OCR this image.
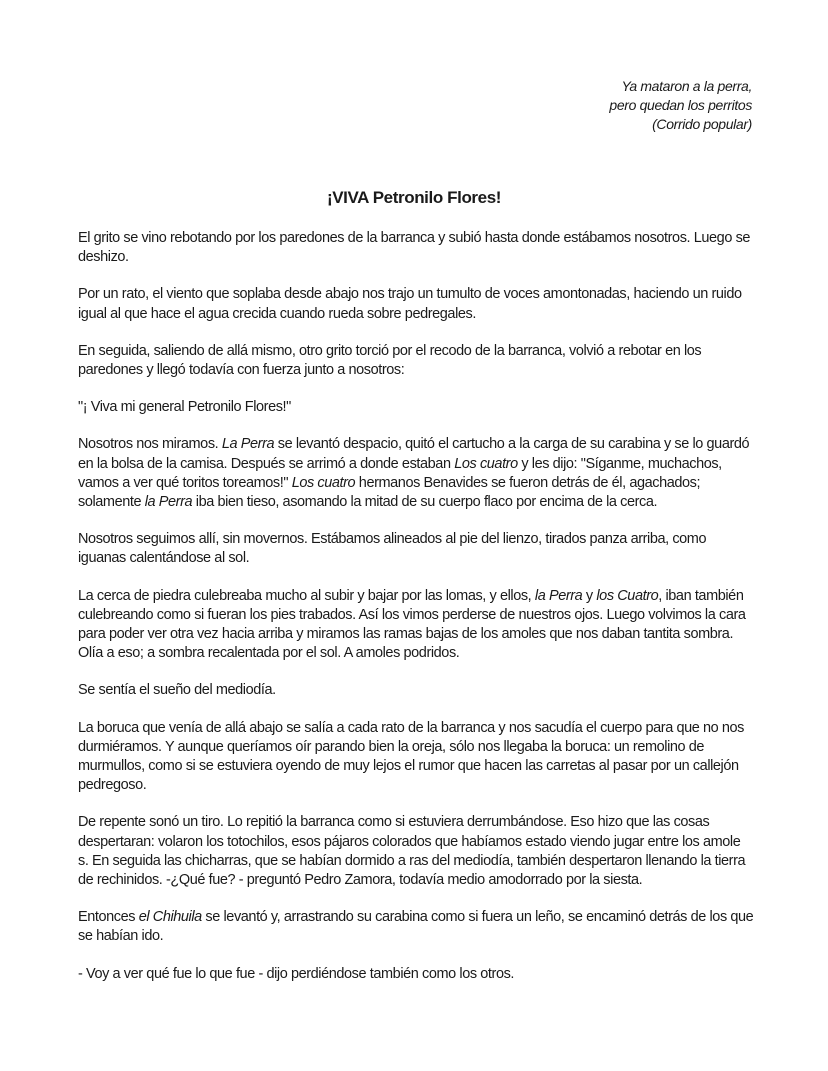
Ya mataron a la perra,
pero quedan los perritos
(Corrido popular)
¡VIVA Petronilo Flores!

El grito se vino rebotando por los paredones de la barranca y subió hasta donde estábamos nosotros. Luego se deshizo.

Por un rato, el viento que soplaba desde abajo nos trajo un tumulto de voces amontonadas, haciendo un ruido igual al que hace el agua crecida cuando rueda sobre pedregales.

En seguida, saliendo de allá mismo, otro grito torció por el recodo de la barranca, volvió a rebotar en los paredones y llegó todavía con fuerza junto a nosotros:

"¡ Viva mi general Petronilo Flores!"

Nosotros nos miramos. La Perra se levantó despacio, quitó el cartucho a la carga de su carabina y se lo guardó en la bolsa de la camisa. Después se arrimó a donde estaban Los cuatro y les dijo: "Síganme, muchachos, vamos a ver qué toritos toreamos!" Los cuatro hermanos Benavides se fueron detrás de él, agachados; solamente la Perra iba bien tieso, asomando la mitad de su cuerpo flaco por encima de la cerca.

Nosotros seguimos allí, sin movernos. Estábamos alineados al pie del lienzo, tirados panza arriba, como iguanas calentándose al sol.

La cerca de piedra culebreaba mucho al subir y bajar por las lomas, y ellos, la Perra y los Cuatro, iban también culebreando como si fueran los pies trabados. Así los vimos perderse de nuestros ojos. Luego volvimos la cara para poder ver otra vez hacia arriba y miramos las ramas bajas de los amoles que nos daban tantita sombra. Olía a eso; a sombra recalentada por el sol. A amoles podridos.

Se sentía el sueño del mediodía.

La boruca que venía de allá abajo se salía a cada rato de la barranca y nos sacudía el cuerpo para que no nos durmiéramos. Y aunque queríamos oír parando bien la oreja, sólo nos llegaba la boruca: un remolino de murmullos, como si se estuviera oyendo de muy lejos el rumor que hacen las carretas al pasar por un callejón pedregoso.

De repente sonó un tiro. Lo repitió la barranca como si estuviera derrumbándose. Eso hizo que las cosas despertaran: volaron los totochilos, esos pájaros colorados que habíamos estado viendo jugar entre los amole s. En seguida las chicharras, que se habían dormido a ras del mediodía, también despertaron llenando la tierra de rechinidos. -¿Qué fue? - preguntó Pedro Zamora, todavía medio amodorrado por la siesta.

Entonces el Chihuila se levantó y, arrastrando su carabina como si fuera un leño, se encaminó detrás de los que se habían ido.

- Voy a ver qué fue lo que fue - dijo perdiéndose también como los otros.
